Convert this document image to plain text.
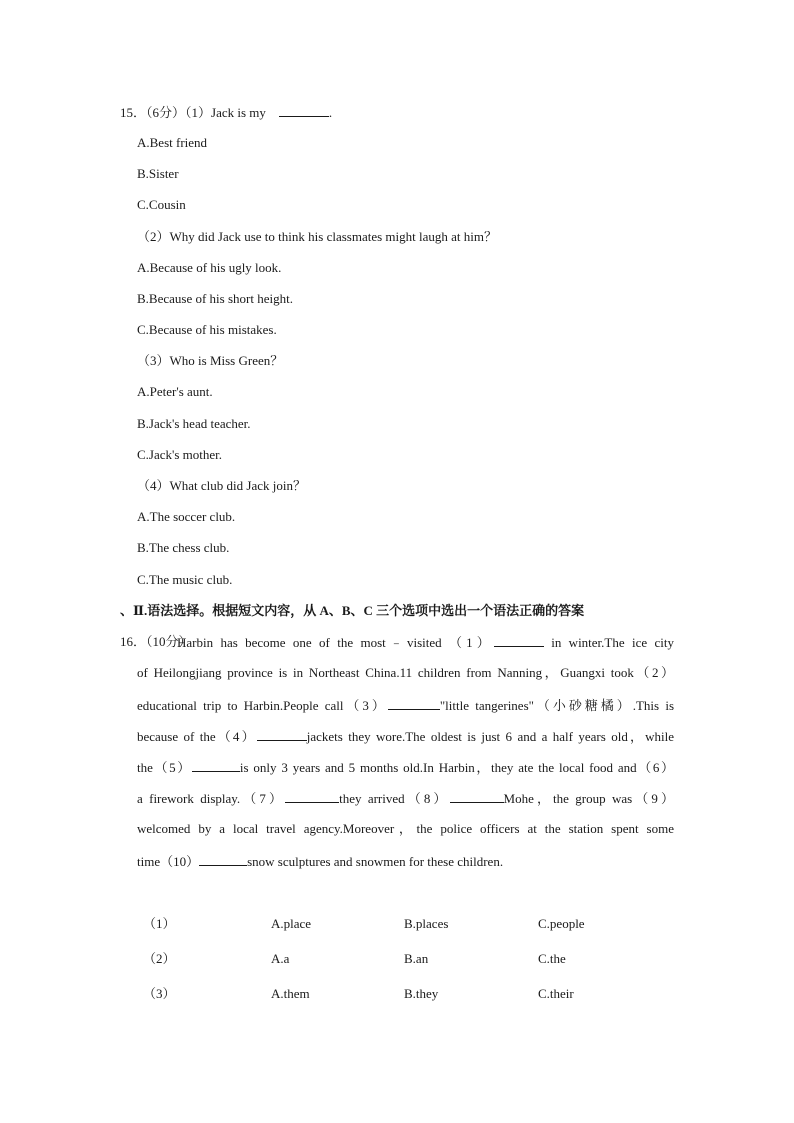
15．（6分）（1）Jack is my	.
A.Best friend
B.Sister
C.Cousin
（2）Why did Jack use to think his classmates might laugh at him？
A.Because of his ugly look.
B.Because of his short height.
C.Because of his mistakes.
（3）Who is Miss Green？
A.Peter's aunt.
B.Jack's head teacher.
C.Jack's mother.
（4）What club did Jack join？
A.The soccer club.
B.The chess club.
C.The music club.
、Ⅱ.语法选择。根据短文内容，从 A、B、C 三个选项中选出一个语法正确的答案
16．（10分）
Harbin has become one of the most﹣visited （1）	in winter.The ice city
of Heilongjiang province is in Northeast China.11 children from Nanning，Guangxi took（2）
educational trip to Harbin.People call（3）	"little tangerines"（小砂糖橘）.This is
because of the（4）	jackets they wore.The oldest is just 6 and a half years old，while
the（5）	is only 3 years and 5 months old.In Harbin，they ate the local food and（6）
a firework display.（7）	they arrived（8）	Mohe，the group was（9）
welcomed by a local travel agency.Moreover，the police officers at the station spent some
time（10）	snow sculptures and snowmen for these children.
（1）	A.place	B.places	C.people
（2）	A.a	B.an	C.the
（3）	A.them	B.they	C.their
